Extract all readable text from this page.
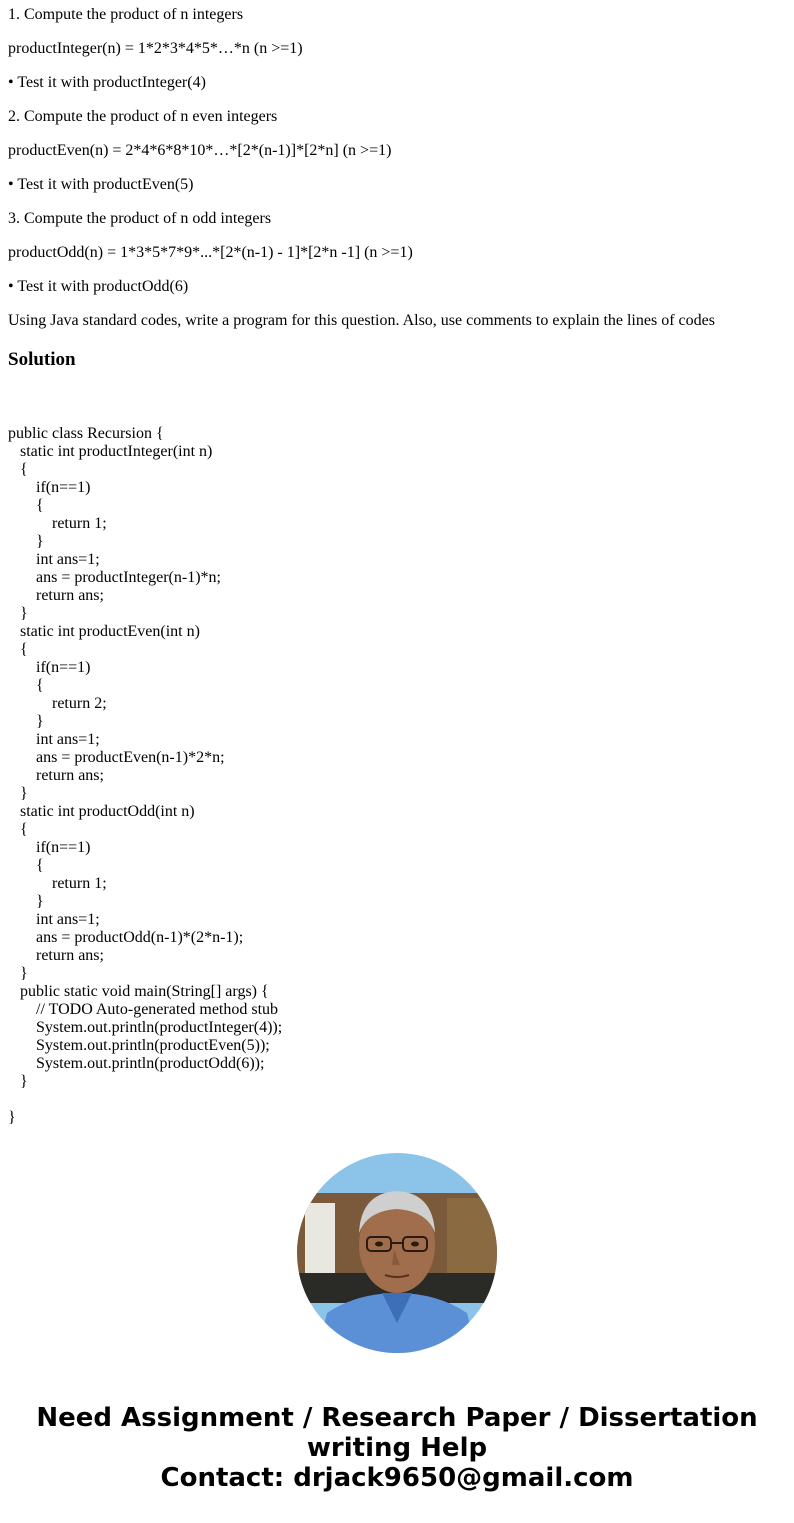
1. Compute the product of n integers

productInteger(n) = 1*2*3*4*5*…*n (n >=1)

• Test it with productInteger(4)

2. Compute the product of n even integers

productEven(n) = 2*4*6*8*10*…*[2*(n-1)]*[2*n] (n >=1)

• Test it with productEven(5)

3. Compute the product of n odd integers

productOdd(n) = 1*3*5*7*9*...*[2*(n-1) - 1]*[2*n -1] (n >=1)

• Test it with productOdd(6)

Using Java standard codes, write a program for this question. Also, use comments to explain the lines of codes

Solution
public class Recursion {
static int productInteger(int n)
{
if(n==1)
{
return 1;
}
int ans=1;
ans = productInteger(n-1)*n;
return ans;
}
static int productEven(int n)
{
if(n==1)
{
return 2;
}
int ans=1;
ans = productEven(n-1)*2*n;
return ans;
}
static int productOdd(int n)
{
if(n==1)
{
return 1;
}
int ans=1;
ans = productOdd(n-1)*(2*n-1);
return ans;
}
public static void main(String[] args) {
// TODO Auto-generated method stub
System.out.println(productInteger(4));
System.out.println(productEven(5));
System.out.println(productOdd(6));
}
}
Need Assignment / Research Paper / Dissertation
writing Help
Contact: drjack9650@gmail.com
